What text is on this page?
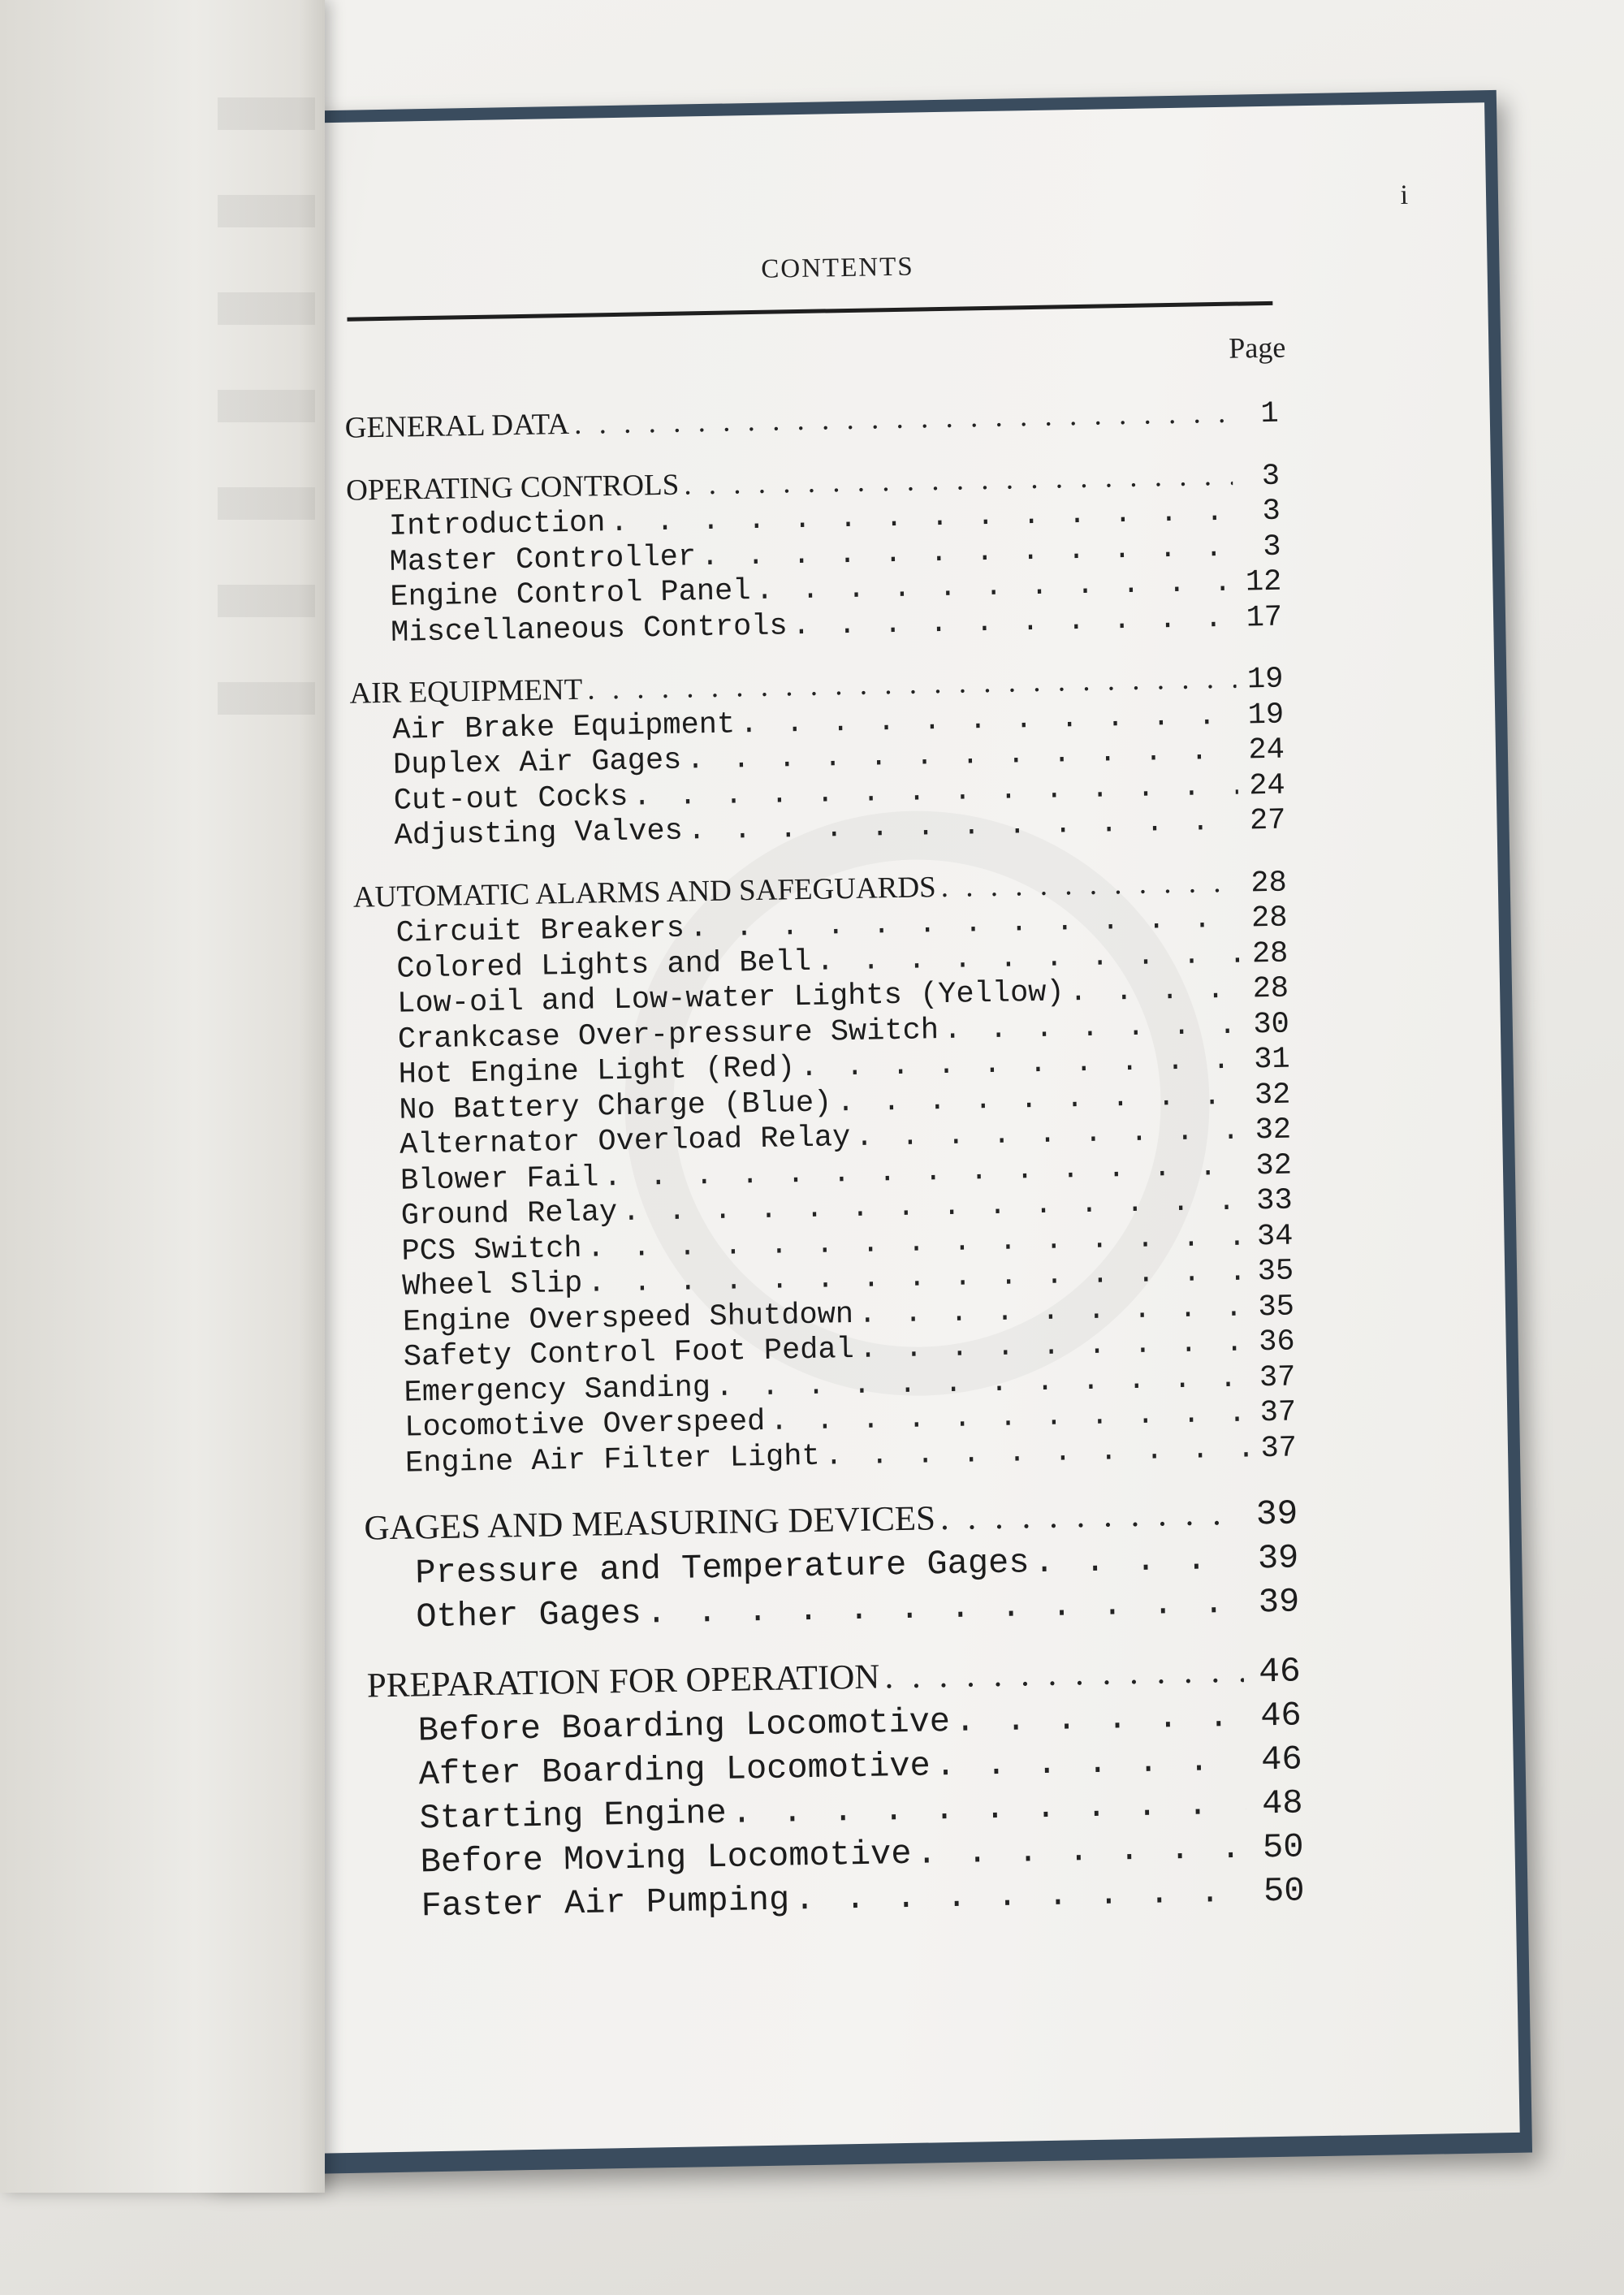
i
CONTENTS
Page
GENERAL DATA . . .	1
OPERATING CONTROLS . . .	3
Introduction . . .	3
Master Controller . . .	3
Engine Control Panel . . .	12
Miscellaneous Controls . . .	17
AIR EQUIPMENT . . .	19
Air Brake Equipment . . .	19
Duplex Air Gages . . .	24
Cut-out Cocks . . .	24
Adjusting Valves . . .	27
AUTOMATIC ALARMS AND SAFEGUARDS . . .	28
Circuit Breakers . . .	28
Colored Lights and Bell . . .	28
Low-oil and Low-water Lights (Yellow) . . .	28
Crankcase Over-pressure Switch . . .	30
Hot Engine Light (Red) . . .	31
No Battery Charge (Blue) . . .	32
Alternator Overload Relay . . .	32
Blower Fail . . .	32
Ground Relay . . .	33
PCS Switch . . .	34
Wheel Slip . . .	35
Engine Overspeed Shutdown . . .	35
Safety Control Foot Pedal . . .	36
Emergency Sanding . . .	37
Locomotive Overspeed . . .	37
Engine Air Filter Light . . .	37
GAGES AND MEASURING DEVICES . . .	39
Pressure and Temperature Gages . . .	39
Other Gages . . .	39
PREPARATION FOR OPERATION . . .	46
Before Boarding Locomotive . . .	46
After Boarding Locomotive . . .	46
Starting Engine . . .	48
Before Moving Locomotive . . .	50
Faster Air Pumping . . .	50
